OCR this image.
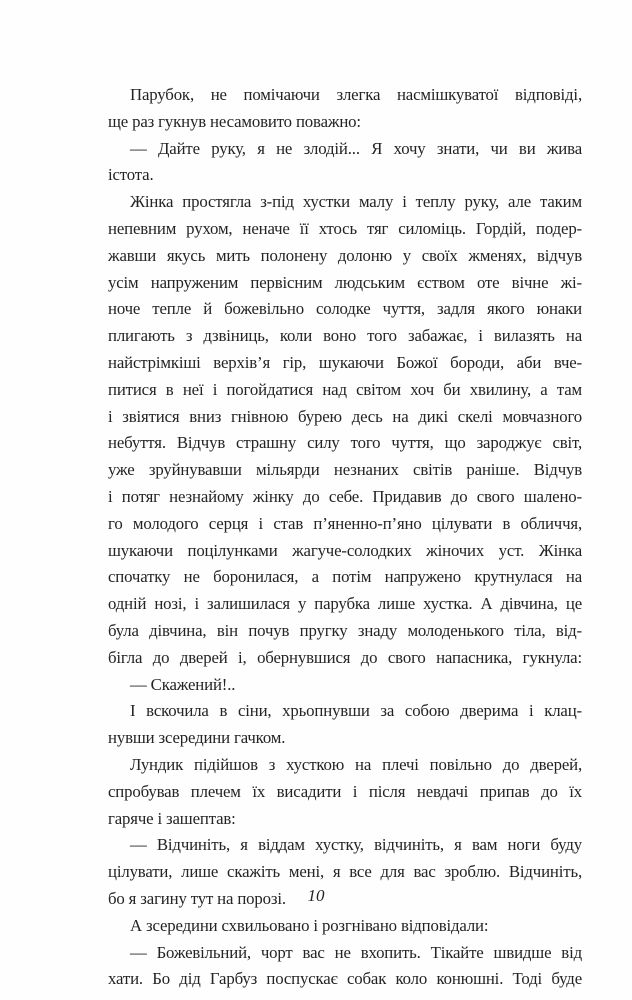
Парубок, не помічаючи злегка насмішкуватої відповіді,
ще раз гукнув несамовито поважно:
— Дайте руку, я не злодій... Я хочу знати, чи ви жива
істота.
Жінка простягла з-під хустки малу і теплу руку, але таким
непевним рухом, неначе її хтось тяг силоміць. Гордій, подер-
жавши якусь мить полонену долоню у своїх жменях, відчув
усім напруженим первісним людським єством оте вічне жі-
ноче тепле й божевільно солодке чуття, задля якого юнаки
плигають з дзвіниць, коли воно того забажає, і вилазять на
найстрімкіші верхів’я гір, шукаючи Божої бороди, аби вче-
питися в неї і погойдатися над світом хоч би хвилину, а там
і звіятися вниз гнівною бурею десь на дикі скелі мовчазного
небуття. Відчув страшну силу того чуття, що зароджує світ,
уже зруйнувавши мільярди незнаних світів раніше. Відчув
і потяг незнайому жінку до себе. Придавив до свого шалено-
го молодого серця і став п’яненно-п’яно цілувати в обличчя,
шукаючи поцілунками жагуче-солодких жіночих уст. Жінка
спочатку не боронилася, а потім напружено крутнулася на
одній нозі, і залишилася у парубка лише хустка. А дівчина, це
була дівчина, він почув пругку знаду молоденького тіла, від-
бігла до дверей і, обернувшися до свого напасника, гукнула:
— Скажений!..
І вскочила в сіни, хрьопнувши за собою дверима і клац-
нувши зсередини гачком.
Лундик підійшов з хусткою на плечі повільно до дверей,
спробував плечем їх висадити і після невдачі припав до їх
гаряче і зашептав:
— Відчиніть, я віддам хустку, відчиніть, я вам ноги буду
цілувати, лише скажіть мені, я все для вас зроблю. Відчиніть,
бо я загину тут на порозі.
А зсередини схвильовано і розгнівано відповідали:
— Божевільний, чорт вас не вхопить. Тікайте швидше від
хати. Бо дід Гарбуз поспускає собак коло конюшні. Тоді буде
10
